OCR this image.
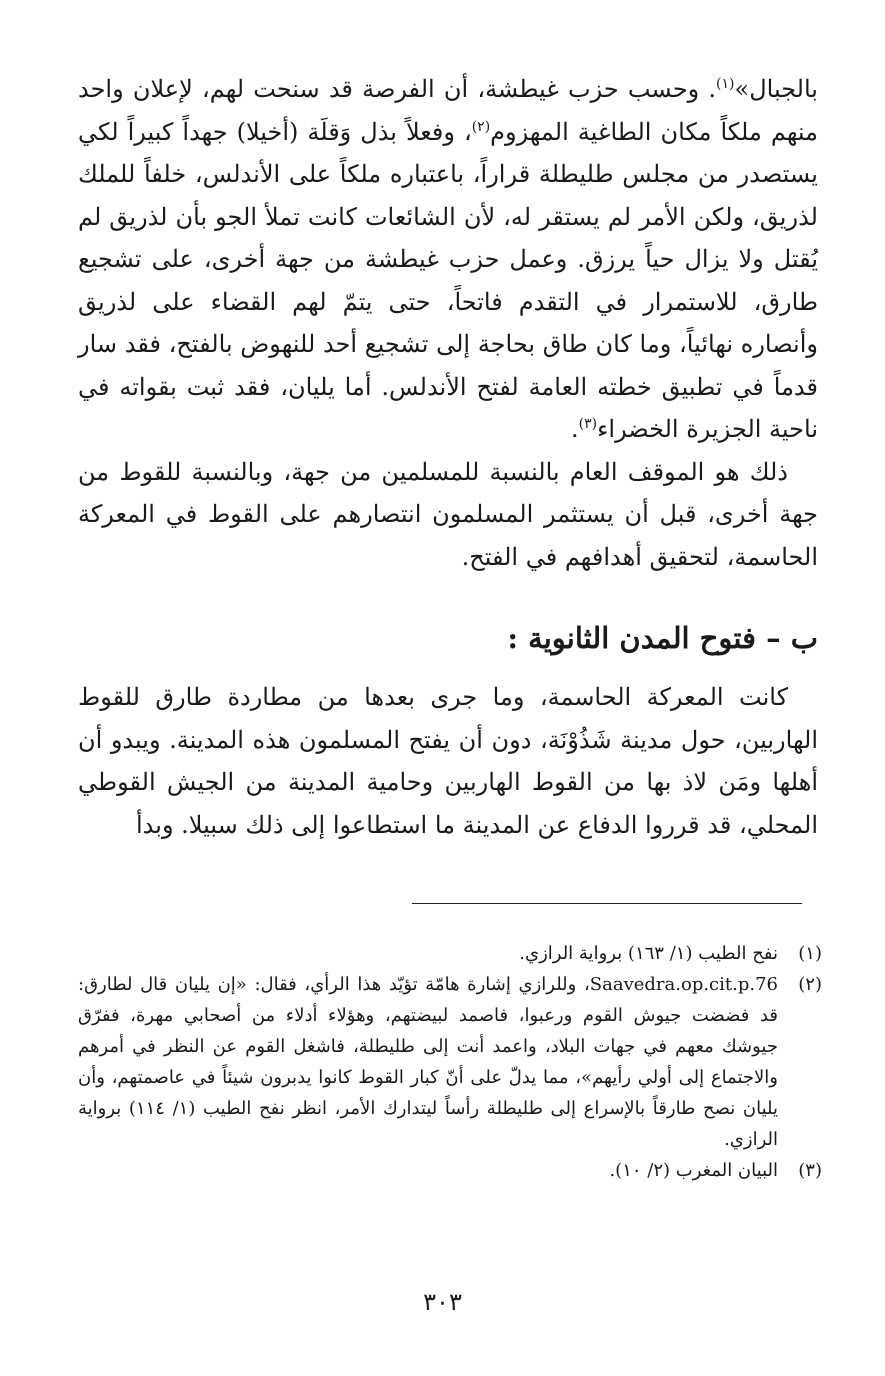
بالجبال»$^{(١)}$. وحسب حزب غيطشة، أن الفرصة قد سنحت لهم، لإعلان واحد منهم ملكاً مكان الطاغية المهزوم$^{(٢)}$، وفعلاً بذل وَقلَة (أخيلا) جهداً كبيراً لكي يستصدر من مجلس طليطلة قراراً، باعتباره ملكاً على الأندلس، خلفاً للملك لذريق، ولكن الأمر لم يستقر له، لأن الشائعات كانت تملأ الجو بأن لذريق لم يُقتل ولا يزال حياً يرزق. وعمل حزب غيطشة من جهة أخرى، على تشجيع طارق، للاستمرار في التقدم فاتحاً، حتى يتمّ لهم القضاء على لذريق وأنصاره نهائياً، وما كان طاق بحاجة إلى تشجيع أحد للنهوض بالفتح، فقد سار قدماً في تطبيق خطته العامة لفتح الأندلس. أما يليان، فقد ثبت بقواته في ناحية الجزيرة الخضراء$^{(٣)}$.

ذلك هو الموقف العام بالنسبة للمسلمين من جهة، وبالنسبة للقوط من جهة أخرى، قبل أن يستثمر المسلمون انتصارهم على القوط في المعركة الحاسمة، لتحقيق أهدافهم في الفتح.

ب – فتوح المدن الثانوية :

كانت المعركة الحاسمة، وما جرى بعدها من مطاردة طارق للقوط الهاربين، حول مدينة شَذُوْنَة، دون أن يفتح المسلمون هذه المدينة. ويبدو أن أهلها ومَن لاذ بها من القوط الهاربين وحامية المدينة من الجيش القوطي المحلي، قد قرروا الدفاع عن المدينة ما استطاعوا إلى ذلك سبيلا. وبدأ

(١)
نفح الطيب (١/ ١٦٣) برواية الرازي.
(٢)
Saavedra.op.cit.p.76، وللرازي إشارة هامّة تؤيّد هذا الرأي، فقال: «إن يليان قال لطارق: قد فضضت جيوش القوم ورعبوا، فاصمد لبيضتهم، وهؤلاء أدلاء من أصحابي مهرة، ففرّق جيوشك معهم في جهات البلاد، واعمد أنت إلى طليطلة، فاشغل القوم عن النظر في أمرهم والاجتماع إلى أولي رأيهم»، مما يدلّ على أنّ كبار القوط كانوا يدبرون شيئاً في عاصمتهم، وأن يليان نصح طارقاً بالإسراع إلى طليطلة رأساً ليتدارك الأمر، انظر نفح الطيب (١/ ١١٤) برواية الرازي.
(٣)
البيان المغرب (٢/ ١٠).
٣٠٣
